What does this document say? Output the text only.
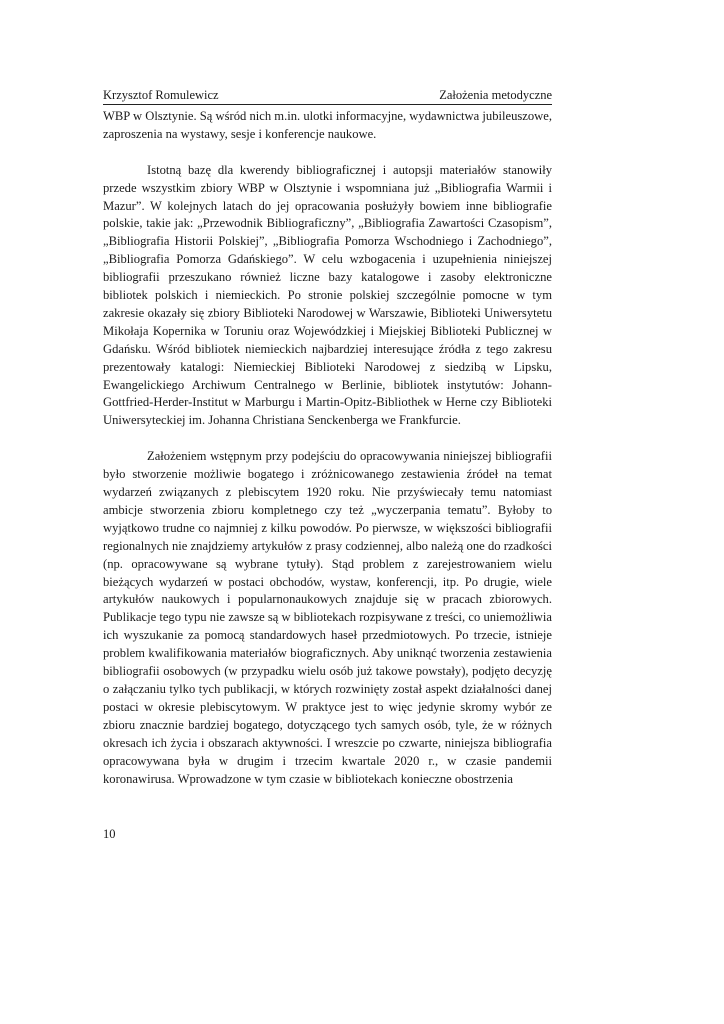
Krzysztof Romulewicz	Założenia metodyczne

WBP w Olsztynie. Są wśród nich m.in. ulotki informacyjne, wydawnictwa jubileuszowe, zaproszenia na wystawy, sesje i konferencje naukowe.

Istotną bazę dla kwerendy bibliograficznej i autopsji materiałów stanowiły przede wszystkim zbiory WBP w Olsztynie i wspomniana już „Bibliografia Warmii i Mazur”. W kolejnych latach do jej opracowania posłużyły bowiem inne bibliografie polskie, takie jak: „Przewodnik Bibliograficzny”, „Bibliografia Zawartości Czasopism”, „Bibliografia Historii Polskiej”, „Bibliografia Pomorza Wschodniego i Zachodniego”, „Bibliografia Pomorza Gdańskiego”. W celu wzbogacenia i uzupełnienia niniejszej bibliografii przeszukano również liczne bazy katalogowe i zasoby elektroniczne bibliotek polskich i niemieckich. Po stronie polskiej szczególnie pomocne w tym zakresie okazały się zbiory Biblioteki Narodowej w Warszawie, Biblioteki Uniwersytetu Mikołaja Kopernika w Toruniu oraz Wojewódzkiej i Miejskiej Biblioteki Publicznej w Gdańsku. Wśród bibliotek niemieckich najbardziej interesujące źródła z tego zakresu prezentowały katalogi: Niemieckiej Biblioteki Narodowej z siedzibą w Lipsku, Ewangelickiego Archiwum Centralnego w Berlinie, bibliotek instytutów: Johann-Gottfried-Herder-Institut w Marburgu i Martin-Opitz-Bibliothek w Herne czy Biblioteki Uniwersyteckiej im. Johanna Christiana Senckenberga we Frankfurcie.

Założeniem wstępnym przy podejściu do opracowywania niniejszej bibliografii było stworzenie możliwie bogatego i zróżnicowanego zestawienia źródeł na temat wydarzeń związanych z plebiscytem 1920 roku. Nie przyświecały temu natomiast ambicje stworzenia zbioru kompletnego czy też „wyczerpania tematu”. Byłoby to wyjątkowo trudne co najmniej z kilku powodów. Po pierwsze, w większości bibliografii regionalnych nie znajdziemy artykułów z prasy codziennej, albo należą one do rzadkości (np. opracowywane są wybrane tytuły). Stąd problem z zarejestrowaniem wielu bieżących wydarzeń w postaci obchodów, wystaw, konferencji, itp. Po drugie, wiele artykułów naukowych i popularnonaukowych znajduje się w pracach zbiorowych. Publikacje tego typu nie zawsze są w bibliotekach rozpisywane z treści, co uniemożliwia ich wyszukanie za pomocą standardowych haseł przedmiotowych. Po trzecie, istnieje problem kwalifikowania materiałów biograficznych. Aby uniknąć tworzenia zestawienia bibliografii osobowych (w przypadku wielu osób już takowe powstały), podjęto decyzję o załączaniu tylko tych publikacji, w których rozwinięty został aspekt działalności danej postaci w okresie plebiscytowym. W praktyce jest to więc jedynie skromy wybór ze zbioru znacznie bardziej bogatego, dotyczącego tych samych osób, tyle, że w różnych okresach ich życia i obszarach aktywności. I wreszcie po czwarte, niniejsza bibliografia opracowywana była w drugim i trzecim kwartale 2020 r., w czasie pandemii koronawirusa. Wprowadzone w tym czasie w bibliotekach konieczne obostrzenia

10
